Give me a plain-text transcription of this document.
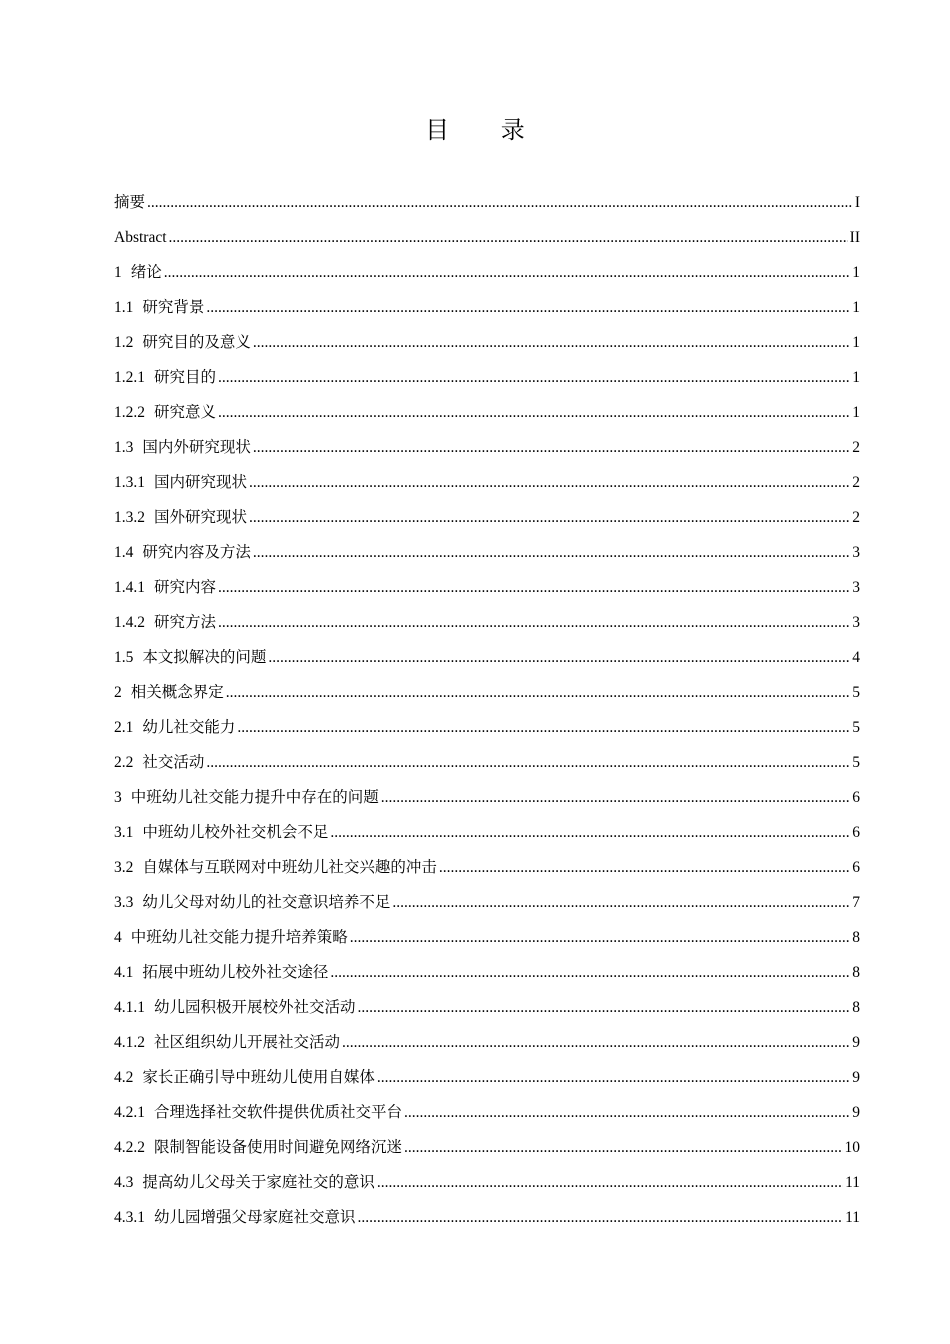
目 录
摘要 .....	I
Abstract .....	II
1 绪论 .....	1
1.1 研究背景 .....	1
1.2 研究目的及意义 .....	1
1.2.1 研究目的 .....	1
1.2.2 研究意义 .....	1
1.3 国内外研究现状 .....	2
1.3.1 国内研究现状 .....	2
1.3.2 国外研究现状 .....	2
1.4 研究内容及方法 .....	3
1.4.1 研究内容 .....	3
1.4.2 研究方法 .....	3
1.5 本文拟解决的问题 .....	4
2 相关概念界定 .....	5
2.1 幼儿社交能力 .....	5
2.2 社交活动 .....	5
3 中班幼儿社交能力提升中存在的问题 .....	6
3.1 中班幼儿校外社交机会不足 .....	6
3.2 自媒体与互联网对中班幼儿社交兴趣的冲击 .....	6
3.3 幼儿父母对幼儿的社交意识培养不足 .....	7
4 中班幼儿社交能力提升培养策略 .....	8
4.1 拓展中班幼儿校外社交途径 .....	8
4.1.1 幼儿园积极开展校外社交活动 .....	8
4.1.2 社区组织幼儿开展社交活动 .....	9
4.2 家长正确引导中班幼儿使用自媒体 .....	9
4.2.1 合理选择社交软件提供优质社交平台 .....	9
4.2.2 限制智能设备使用时间避免网络沉迷 .....	10
4.3 提高幼儿父母关于家庭社交的意识 .....	11
4.3.1 幼儿园增强父母家庭社交意识 .....	11
